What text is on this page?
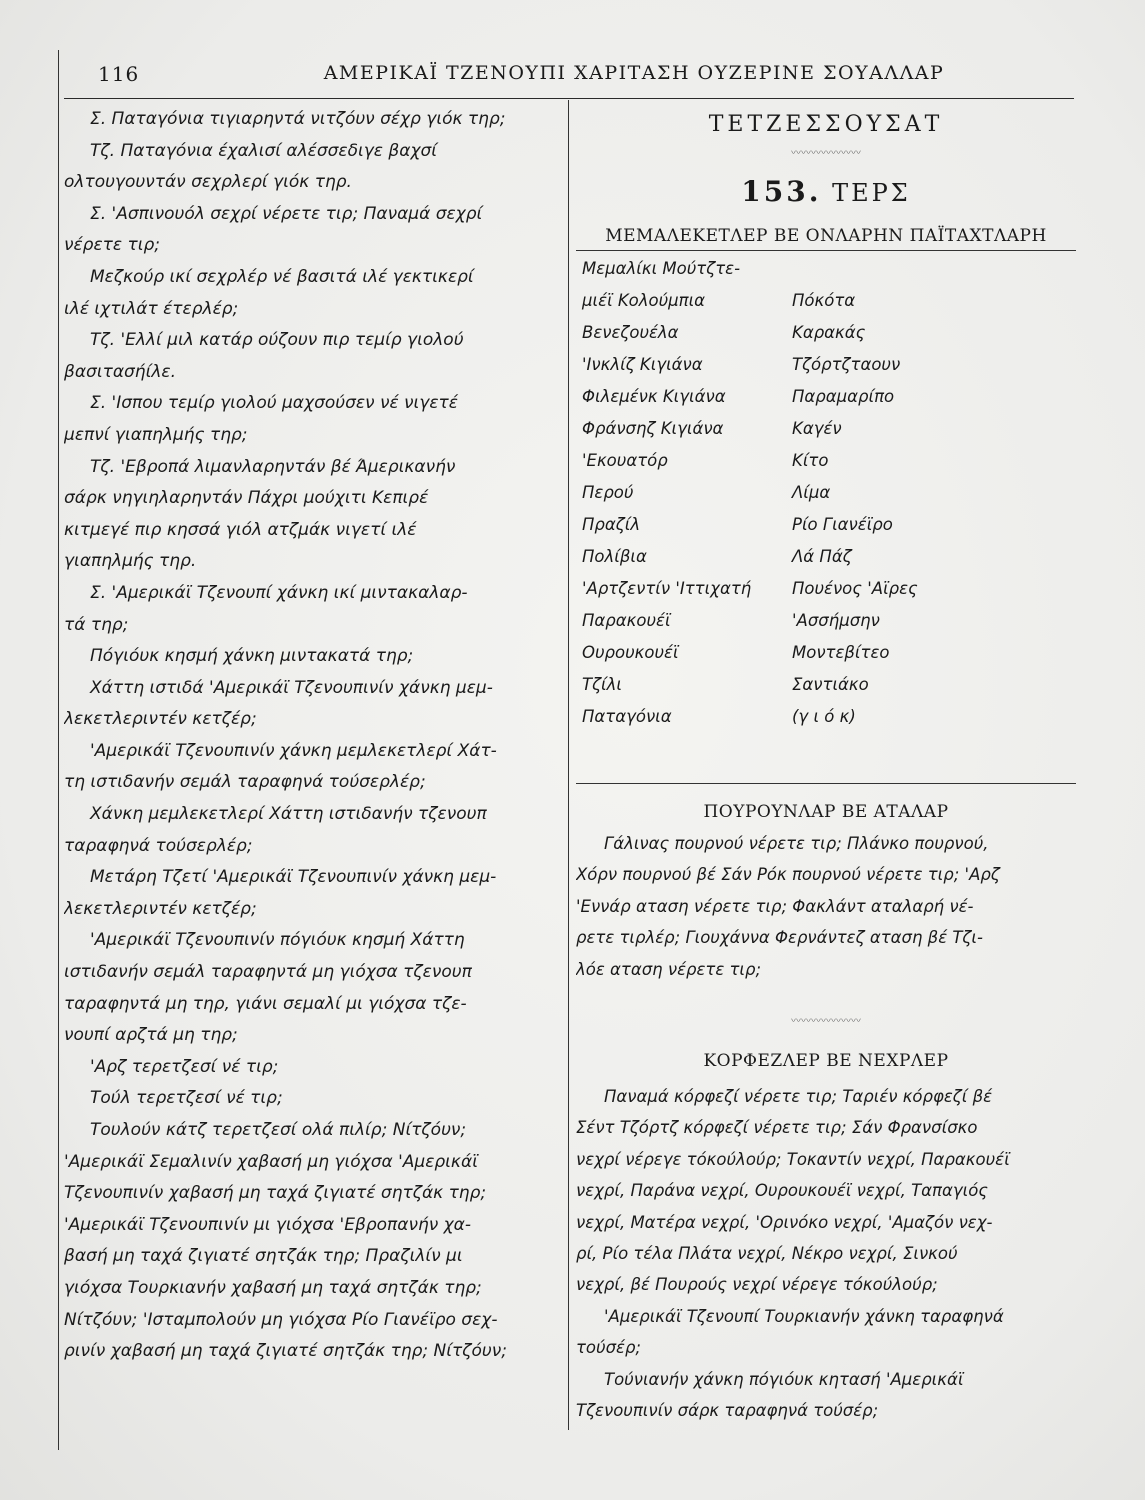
116	ΑΜΕΡΙΚΑΪ ΤΖΕΝΟΥΠΙ ΧΑΡΙΤΑΣΗ ΟΥΖΕΡΙΝΕ ΣΟΥΑΛΛΑΡ

Σ. Παταγόνια τιγιαρηντά νιτζόυν σέχρ γιόκ τηρ;

Τζ. Παταγόνια έχαλισί αλέσσεδιγε βαχσί

ολτουγουντάν σεχρλερί γιόκ τηρ.

Σ. 'Ασπινουόλ σεχρί νέρετε τιρ; Παναμά σεχρί

νέρετε τιρ;

Μεζκούρ ικί σεχρλέρ νέ βασιτά ιλέ γεκτικερί

ιλέ ιχτιλάτ έτερλέρ;

Τζ. 'Ελλί μιλ κατάρ ούζουν πιρ τεμίρ γιολού

βασιτασήίλε.

Σ. 'Ισπου τεμίρ γιολού μαχσούσεν νέ νιγετέ

μεπνί γιαπηλμής τηρ;

Τζ. 'Εβροπά λιμανλαρηντάν βέ Άμερικανήν

σάρκ νηγιηλαρηντάν Πάχρι μούχιτι Κεπιρέ

κιτμεγέ πιρ κησσά γιόλ ατζμάκ νιγετί ιλέ

γιαπηλμής τηρ.

Σ. 'Αμερικάϊ Τζενουπί χάνκη ικί μιντακαλαρ-

τά τηρ;

Πόγιόυκ κησμή χάνκη μιντακατά τηρ;

Χάττη ιστιδά 'Αμερικάϊ Τζενουπινίν χάνκη μεμ-

λεκετλεριντέν κετζέρ;

'Αμερικάϊ Τζενουπινίν χάνκη μεμλεκετλερί Χάτ-

τη ιστιδανήν σεμάλ ταραφηνά τούσερλέρ;

Χάνκη μεμλεκετλερί Χάττη ιστιδανήν τζενουπ

ταραφηνά τούσερλέρ;

Μετάρη Τζετί 'Αμερικάϊ Τζενουπινίν χάνκη μεμ-

λεκετλεριντέν κετζέρ;

'Αμερικάϊ Τζενουπινίν πόγιόυκ κησμή Χάττη

ιστιδανήν σεμάλ ταραφηντά μη γιόχσα τζενουπ

ταραφηντά μη τηρ, γιάνι σεμαλί μι γιόχσα τζε-

νουπί αρζτά μη τηρ;

'Αρζ τερετζεσί νέ τιρ;

Τούλ τερετζεσί νέ τιρ;

Τουλούν κάτζ τερετζεσί ολά πιλίρ; Νίτζόυν;

'Αμερικάϊ Σεμαλινίν χαβασή μη γιόχσα 'Αμερικάϊ

Τζενουπινίν χαβασή μη ταχά ζιγιατέ σητζάκ τηρ;

'Αμερικάϊ Τζενουπινίν μι γιόχσα 'Εβροπανήν χα-

βασή μη ταχά ζιγιατέ σητζάκ τηρ; Πραζιλίν μι

γιόχσα Τουρκιανήν χαβασή μη ταχά σητζάκ τηρ;

Νίτζόυν; 'Ισταμπολούν μη γιόχσα Ρίο Γιανέϊρο σεχ-

ρινίν χαβασή μη ταχά ζιγιατέ σητζάκ τηρ; Νίτζόυν;

ΤΕΤΖΕΣΣΟΥΣΑΤ
〰〰〰〰〰〰〰
153. ΤΕΡΣ
ΜΕΜΑΛΕΚΕΤΛΕΡ ΒΕ ΟΝΛΑΡΗΝ ΠΑΪΤΑΧΤΛΑΡΗ
Μεμαλίκι Μούτζτε-	
μιέϊ Κολούμπια	Πόκότα
Βενεζουέλα	Καρακάς
'Ινκλίζ Κιγιάνα	Τζόρτζταουν
Φιλεμένκ Κιγιάνα	Παραμαρίπο
Φράνσηζ Κιγιάνα	Καγέν
'Εκουατόρ	Κίτο
Περού	Λίμα
Πραζίλ	Ρίο Γιανέϊρο
Πολίβια	Λά Πάζ
'Αρτζεντίν 'Ιττιχατή	Πουένος 'Αϊρες
Παρακουέϊ	'Ασσήμσην
Ουρουκουέϊ	Μοντεβίτεο
Τζίλι	Σαντιάκο
Παταγόνια	(γ ι ό κ)
ΠΟΥΡΟΥΝΛΑΡ ΒΕ ΑΤΑΛΑΡ

Γάλινας πουρνού νέρετε τιρ; Πλάνκο πουρνού,

Χόρν πουρνού βέ Σάν Ρόκ πουρνού νέρετε τιρ; 'Αρζ

'Εννάρ αταση νέρετε τιρ; Φακλάντ αταλαρή νέ-

ρετε τιρλέρ; Γιουχάννα Φερνάντεζ αταση βέ Τζι-

λόε αταση νέρετε τιρ;

〰〰〰〰〰〰〰
ΚΟΡΦΕΖΛΕΡ ΒΕ ΝΕΧΡΛΕΡ

Παναμά κόρφεζί νέρετε τιρ; Ταριέν κόρφεζί βέ

Σέντ Τζόρτζ κόρφεζί νέρετε τιρ; Σάν Φρανσίσκο

νεχρί νέρεγε τόκούλούρ; Τοκαντίν νεχρί, Παρακουέϊ

νεχρί, Παράνα νεχρί, Ουρουκουέϊ νεχρί, Ταπαγιός

νεχρί, Ματέρα νεχρί, 'Ορινόκο νεχρί, 'Αμαζόν νεχ-

ρί, Ρίο τέλα Πλάτα νεχρί, Νέκρο νεχρί, Σινκού

νεχρί, βέ Πουρούς νεχρί νέρεγε τόκούλούρ;

'Αμερικάϊ Τζενουπί Τουρκιανήν χάνκη ταραφηνά

τούσέρ;

Τούνιανήν χάνκη πόγιόυκ κητασή 'Αμερικάϊ

Τζενουπινίν σάρκ ταραφηνά τούσέρ;
